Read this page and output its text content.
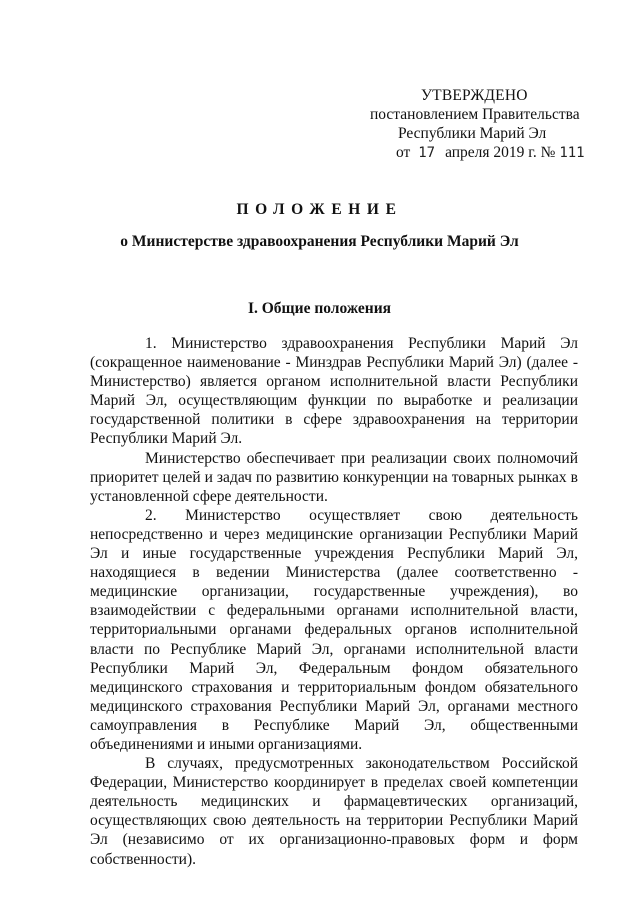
УТВЕРЖДЕНО
постановлением Правительства
Республики Марий Эл
от 17 апреля 2019 г. № 111
ПОЛОЖЕНИЕ
о Министерстве здравоохранения Республики Марий Эл
I. Общие положения

1. Министерство здравоохранения Республики Марий Эл (сокращенное наименование - Минздрав Республики Марий Эл) (далее - Министерство) является органом исполнительной власти Республики Марий Эл, осуществляющим функции по выработке и реализации государственной политики в сфере здравоохранения на территории Республики Марий Эл.

Министерство обеспечивает при реализации своих полномочий приоритет целей и задач по развитию конкуренции на товарных рынках в установленной сфере деятельности.

2. Министерство осуществляет свою деятельность непосредственно и через медицинские организации Республики Марий Эл и иные государственные учреждения Республики Марий Эл, находящиеся в ведении Министерства (далее соответственно - медицинские организации, государственные учреждения), во взаимодействии с федеральными органами исполнительной власти, территориальными органами федеральных органов исполнительной власти по Республике Марий Эл, органами исполнительной власти Республики Марий Эл, Федеральным фондом обязательного медицинского страхования и территориальным фондом обязательного медицинского страхования Республики Марий Эл, органами местного самоуправления в Республике Марий Эл, общественными объединениями и иными организациями.

В случаях, предусмотренных законодательством Российской Федерации, Министерство координирует в пределах своей компетенции деятельность медицинских и фармацевтических организаций, осуществляющих свою деятельность на территории Республики Марий Эл (независимо от их организационно-правовых форм и форм собственности).
